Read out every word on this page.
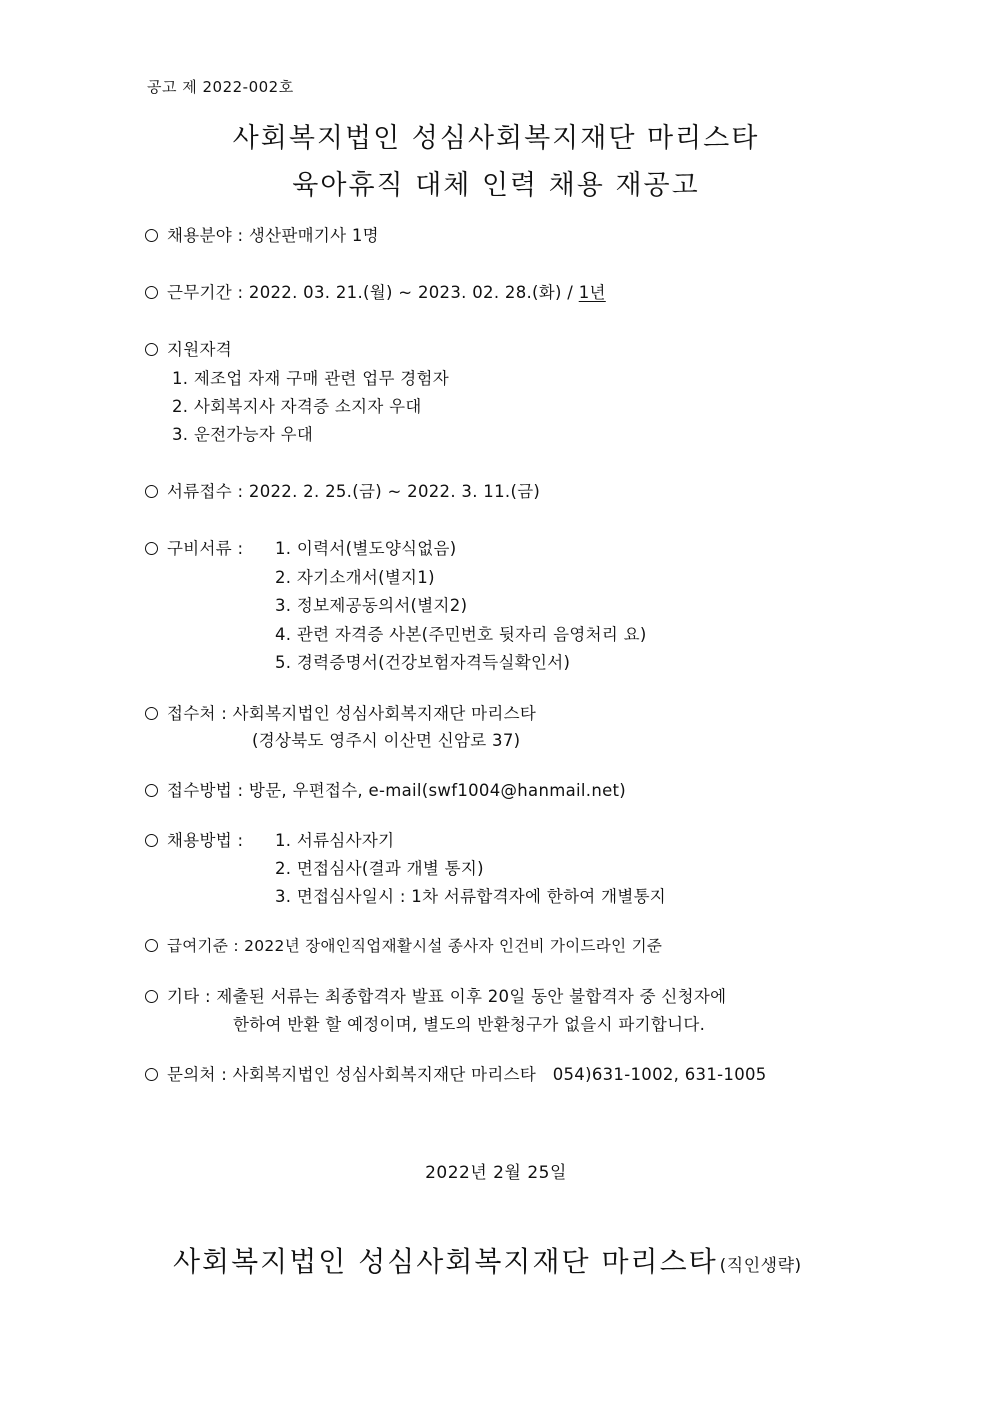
공고 제 2022-002호
사회복지법인 성심사회복지재단 마리스타
육아휴직 대체 인력 채용 재공고
채용분야 : 생산판매기사 1명
근무기간 : 2022. 03. 21.(월) ~ 2023. 02. 28.(화) / 1년
지원자격
1. 제조업 자재 구매 관련 업무 경험자
2. 사회복지사 자격증 소지자 우대
3. 운전가능자 우대
서류접수 : 2022. 2. 25.(금) ~ 2022. 3. 11.(금)
구비서류 : 1. 이력서(별도양식없음)
2. 자기소개서(별지1)
3. 정보제공동의서(별지2)
4. 관련 자격증 사본(주민번호 뒷자리 음영처리 요)
5. 경력증명서(건강보험자격득실확인서)
접수처 : 사회복지법인 성심사회복지재단 마리스타
(경상북도 영주시 이산면 신암로 37)
접수방법 : 방문, 우편접수, e-mail(swf1004@hanmail.net)
채용방법 : 1. 서류심사자기
2. 면접심사(결과 개별 통지)
3. 면접심사일시 : 1차 서류합격자에 한하여 개별통지
급여기준 : 2022년 장애인직업재활시설 종사자 인건비 가이드라인 기준
기타 : 제출된 서류는 최종합격자 발표 이후 20일 동안 불합격자 중 신청자에
한하여 반환 할 예정이며, 별도의 반환청구가 없을시 파기합니다.
문의처 : 사회복지법인 성심사회복지재단 마리스타   054)631-1002, 631-1005
2022년 2월 25일
사회복지법인 성심사회복지재단 마리스타 (직인생략)
